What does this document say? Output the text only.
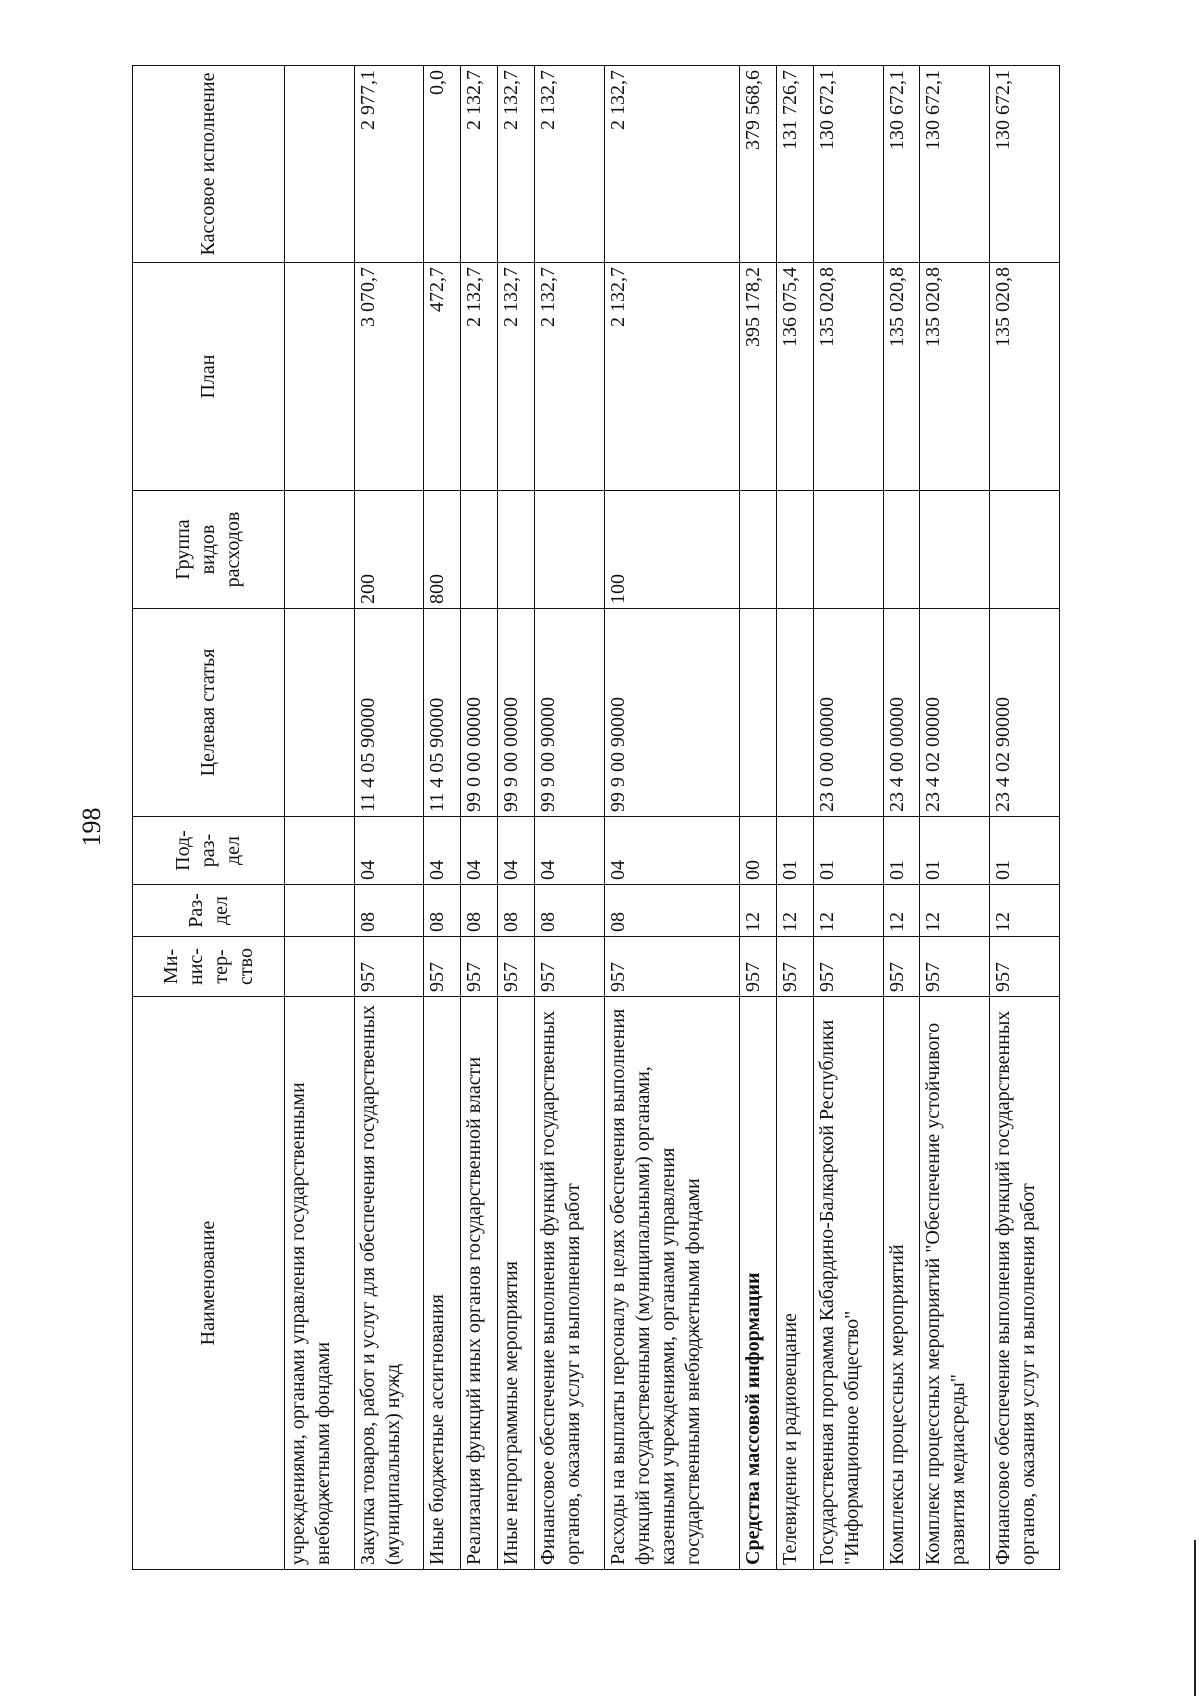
198
Наименование	Ми-нис-тер-ство	Раз-дел	Под-раз-дел	Целевая статья	Группа видов расходов	План	Кассовое исполнение
учреждениями, органами управления государственными внебюджетными фондами							
Закупка товаров, работ и услуг для обеспечения государственных (муниципальных) нужд	957	08	04	11 4 05 90000	200	3 070,7	2 977,1
Иные бюджетные ассигнования	957	08	04	11 4 05 90000	800	472,7	0,0
Реализация функций иных органов государственной власти	957	08	04	99 0 00 00000		2 132,7	2 132,7
Иные непрограммные мероприятия	957	08	04	99 9 00 00000		2 132,7	2 132,7
Финансовое обеспечение выполнения функций государственных органов, оказания услуг и выполнения работ	957	08	04	99 9 00 90000		2 132,7	2 132,7
Расходы на выплаты персоналу в целях обеспечения выполнения функций государственными (муниципальными) органами, казенными учреждениями, органами управления государственными внебюджетными фондами	957	08	04	99 9 00 90000	100	2 132,7	2 132,7
Средства массовой информации	957	12	00			395 178,2	379 568,6
Телевидение и радиовещание	957	12	01			136 075,4	131 726,7
Государственная программа Кабардино-Балкарской Республики "Информационное общество"	957	12	01	23 0 00 00000		135 020,8	130 672,1
Комплексы процессных мероприятий	957	12	01	23 4 00 00000		135 020,8	130 672,1
Комплекс процессных мероприятий "Обеспечение устойчивого развития медиасреды"	957	12	01	23 4 02 00000		135 020,8	130 672,1
Финансовое обеспечение выполнения функций государственных органов, оказания услуг и выполнения работ	957	12	01	23 4 02 90000		135 020,8	130 672,1
